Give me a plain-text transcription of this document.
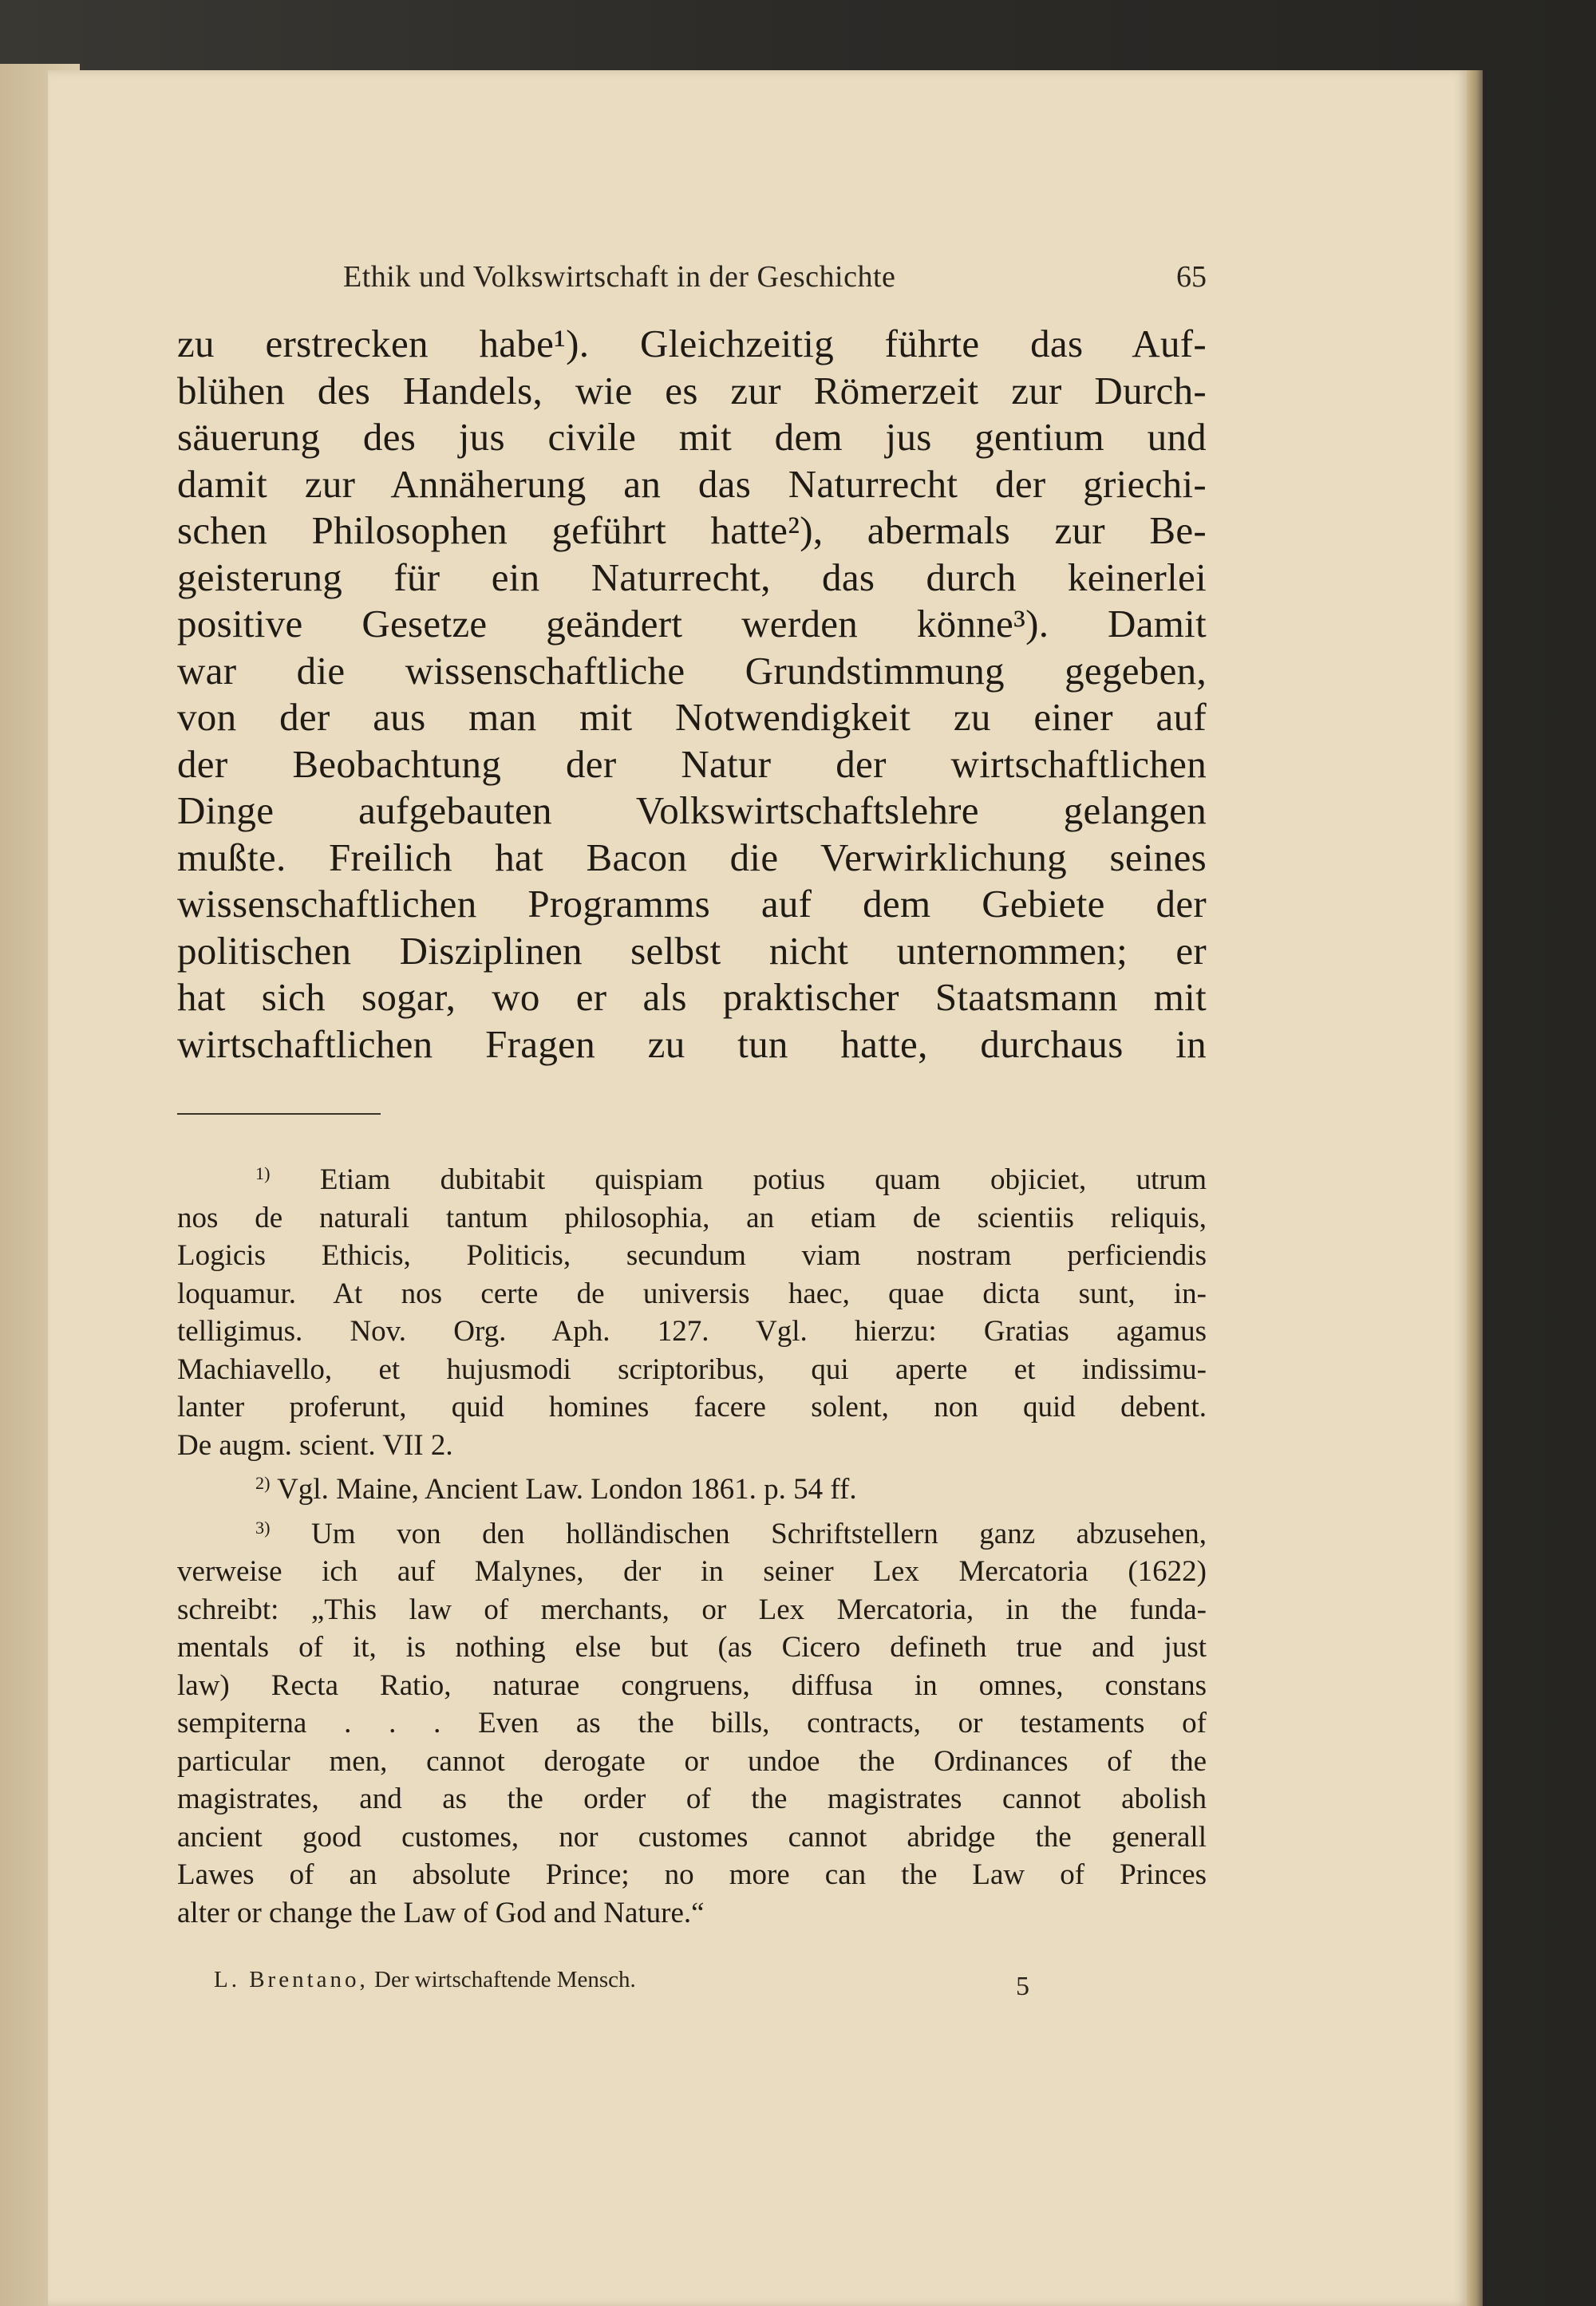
Ethik und Volkswirtschaft in der Geschichte	65
zu erstrecken habe¹). Gleichzeitig führte das Auf-
blühen des Handels, wie es zur Römerzeit zur Durch-
säuerung des jus civile mit dem jus gentium und
damit zur Annäherung an das Naturrecht der griechi-
schen Philosophen geführt hatte²), abermals zur Be-
geisterung für ein Naturrecht, das durch keinerlei
positive Gesetze geändert werden könne³). Damit
war die wissenschaftliche Grundstimmung gegeben,
von der aus man mit Notwendigkeit zu einer auf
der Beobachtung der Natur der wirtschaftlichen
Dinge aufgebauten Volkswirtschaftslehre gelangen
mußte. Freilich hat Bacon die Verwirklichung seines
wissenschaftlichen Programms auf dem Gebiete der
politischen Disziplinen selbst nicht unternommen; er
hat sich sogar, wo er als praktischer Staatsmann mit
wirtschaftlichen Fragen zu tun hatte, durchaus in
$^{1)}$ Etiam dubitabit quispiam potius quam objiciet, utrum
nos de naturali tantum philosophia, an etiam de scientiis reliquis,
Logicis Ethicis, Politicis, secundum viam nostram perficiendis
loquamur. At nos certe de universis haec, quae dicta sunt, in-
telligimus. Nov. Org. Aph. 127. Vgl. hierzu: Gratias agamus
Machiavello, et hujusmodi scriptoribus, qui aperte et indissimu-
lanter proferunt, quid homines facere solent, non quid debent.
De augm. scient. VII 2.
$^{2)}$ Vgl. Maine, Ancient Law. London 1861. p. 54 ff.
$^{3)}$ Um von den holländischen Schriftstellern ganz abzusehen,
verweise ich auf Malynes, der in seiner Lex Mercatoria (1622)
schreibt: „This law of merchants, or Lex Mercatoria, in the funda-
mentals of it, is nothing else but (as Cicero defineth true and just
law) Recta Ratio, naturae congruens, diffusa in omnes, constans
sempiterna . . . Even as the bills, contracts, or testaments of
particular men, cannot derogate or undoe the Ordinances of the
magistrates, and as the order of the magistrates cannot abolish
ancient good customes, nor customes cannot abridge the generall
Lawes of an absolute Prince; no more can the Law of Princes
alter or change the Law of God and Nature.“
L. Brentano, Der wirtschaftende Mensch.	5
